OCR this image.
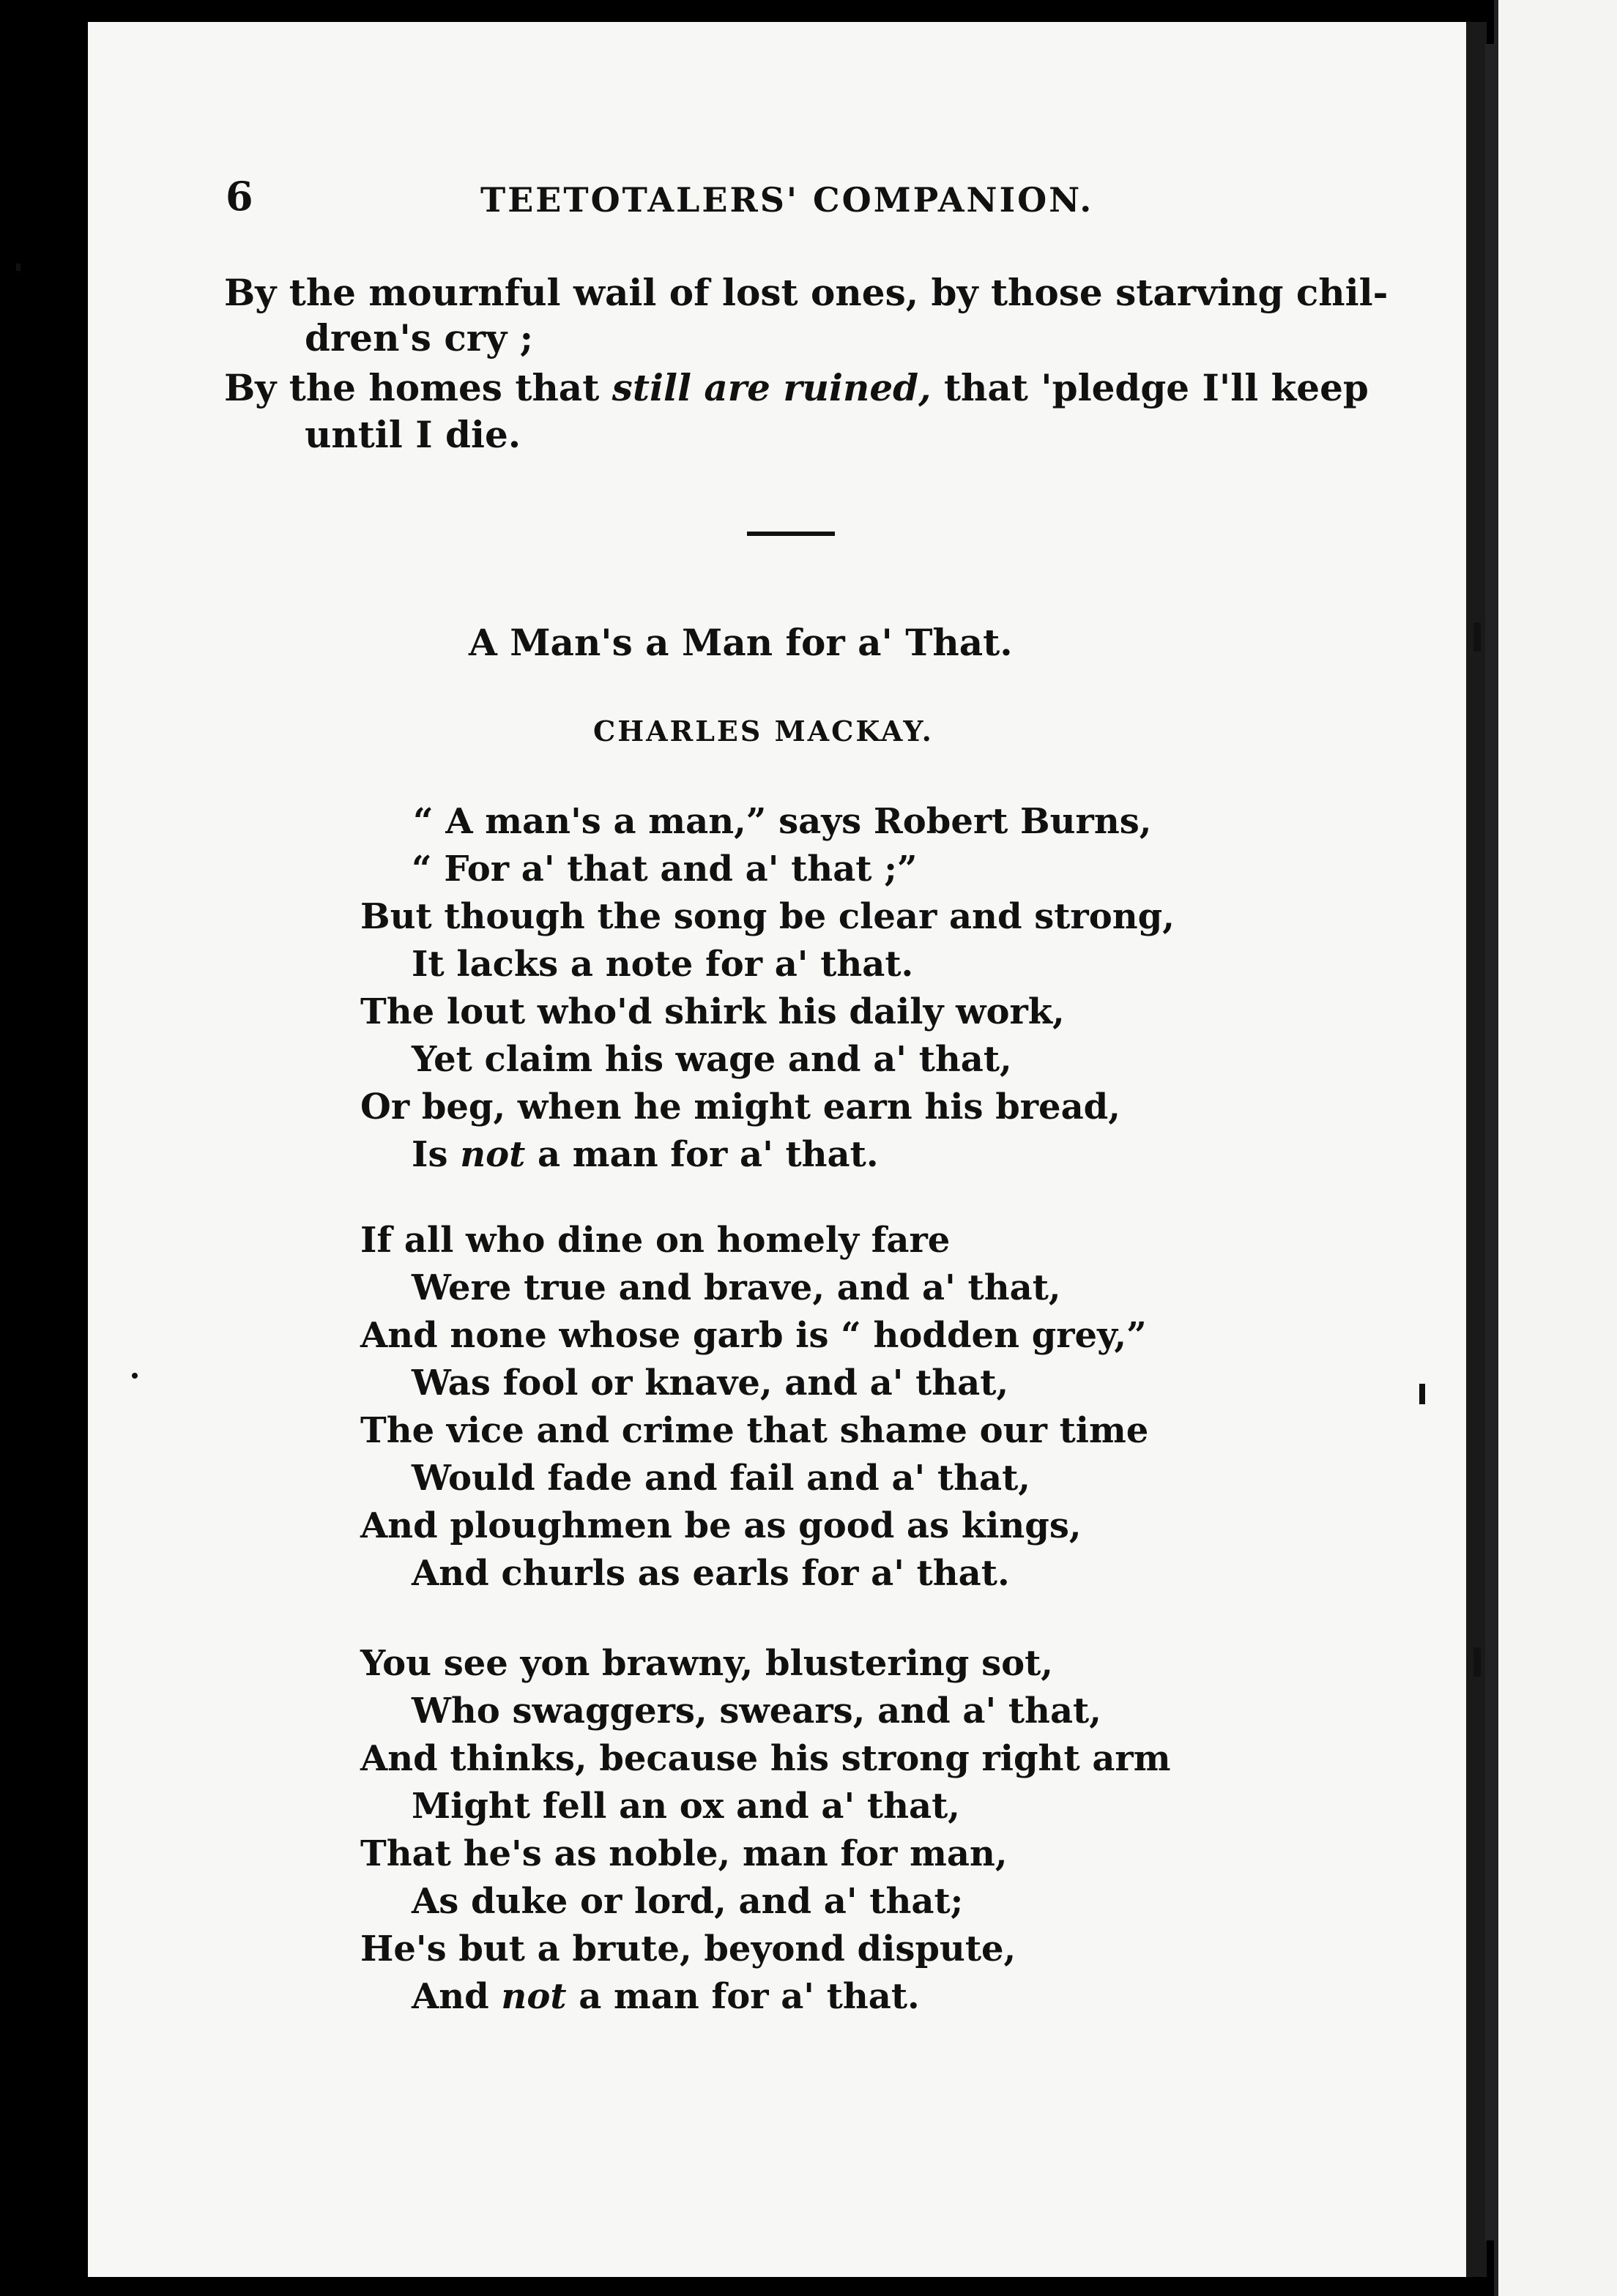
6	TEETOTALERS' COMPANION.
By the mournful wail of lost ones, by those starving chil-
dren's cry ;
By the homes that still are ruined, that 'pledge I'll keep
until I die.
A Man's a Man for a' That.
CHARLES MACKAY.
“ A man's a man,” says Robert Burns,
“ For a' that and a' that ;”
But though the song be clear and strong,
It lacks a note for a' that.
The lout who'd shirk his daily work,
Yet claim his wage and a' that,
Or beg, when he might earn his bread,
Is not a man for a' that.
If all who dine on homely fare
Were true and brave, and a' that,
And none whose garb is “ hodden grey,”
Was fool or knave, and a' that,
The vice and crime that shame our time
Would fade and fail and a' that,
And ploughmen be as good as kings,
And churls as earls for a' that.
You see yon brawny, blustering sot,
Who swaggers, swears, and a' that,
And thinks, because his strong right arm
Might fell an ox and a' that,
That he's as noble, man for man,
As duke or lord, and a' that;
He's but a brute, beyond dispute,
And not a man for a' that.
